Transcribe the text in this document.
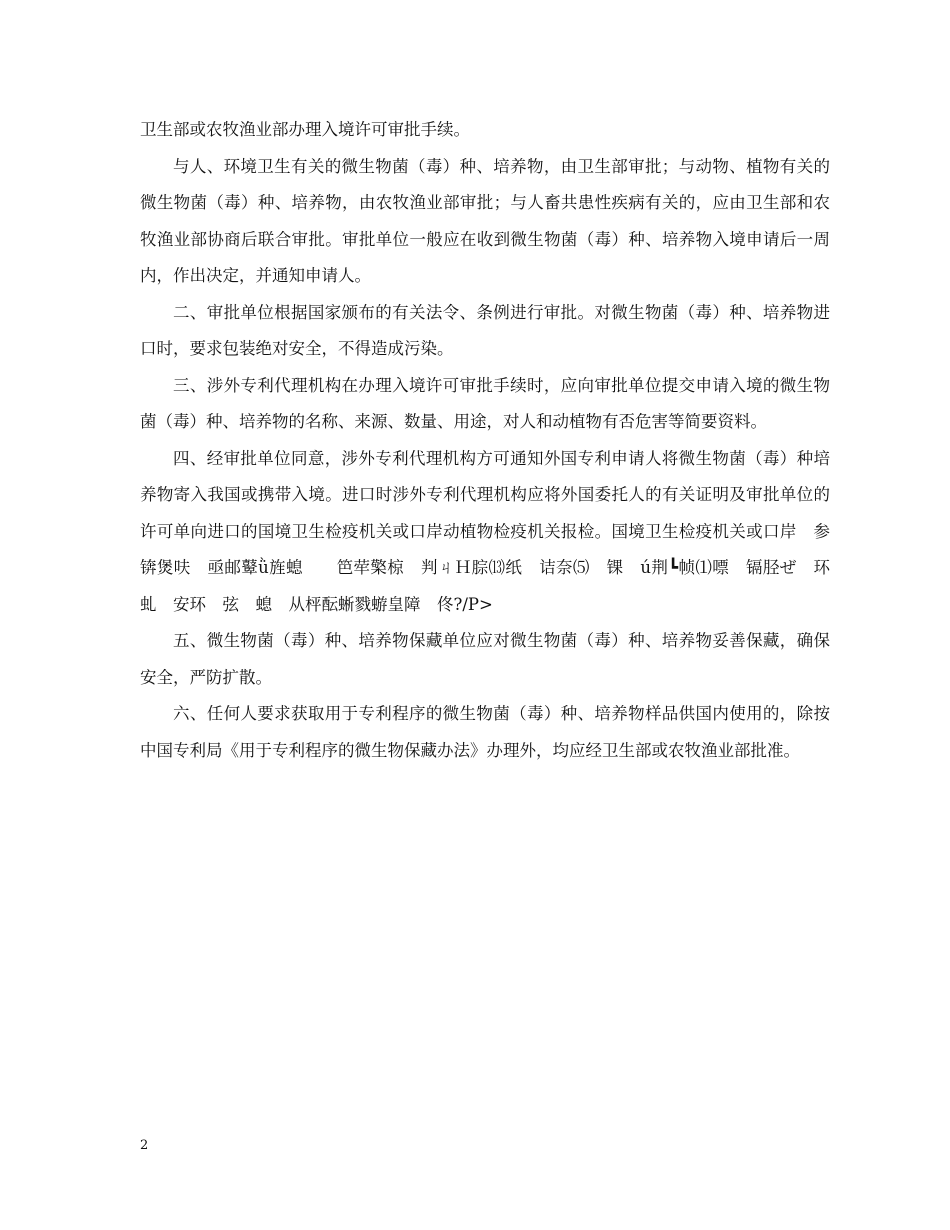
卫生部或农牧渔业部办理入境许可审批手续。

与人、环境卫生有关的微生物菌（毒）种、培养物，由卫生部审批；与动物、植物有关的微生物菌（毒）种、培养物，由农牧渔业部审批；与人畜共患性疾病有关的，应由卫生部和农牧渔业部协商后联合审批。审批单位一般应在收到微生物菌（毒）种、培养物入境申请后一周内，作出决定，并通知申请人。

二、审批单位根据国家颁布的有关法令、条例进行审批。对微生物菌（毒）种、培养物进口时，要求包装绝对安全，不得造成污染。

三、涉外专利代理机构在办理入境许可审批手续时，应向审批单位提交申请入境的微生物菌（毒）种、培养物的名称、来源、数量、用途，对人和动植物有否危害等简要资料。

四、经审批单位同意，涉外专利代理机构方可通知外国专利申请人将微生物菌（毒）种培养物寄入我国或携带入境。进口时涉外专利代理机构应将外国委托人的有关证明及审批单位的许可单向进口的国境卫生检疫机关或口岸动植物检疫机关报检。国境卫生检疫机关或口岸　参锛煲呋　亟邮鼙ǜ旌螅　　笆荦檠椋　判ㄐＨ腙⒀纸　诘奈⑸　锞　ú荆┗帧⑴嘌　镉胫ぜ　环　　虬　安环　弦　螅　从枰酝蜥戮蝣皇障　佟?/P>

五、微生物菌（毒）种、培养物保藏单位应对微生物菌（毒）种、培养物妥善保藏，确保安全，严防扩散。

六、任何人要求获取用于专利程序的微生物菌（毒）种、培养物样品供国内使用的，除按中国专利局《用于专利程序的微生物保藏办法》办理外，均应经卫生部或农牧渔业部批准。

2
